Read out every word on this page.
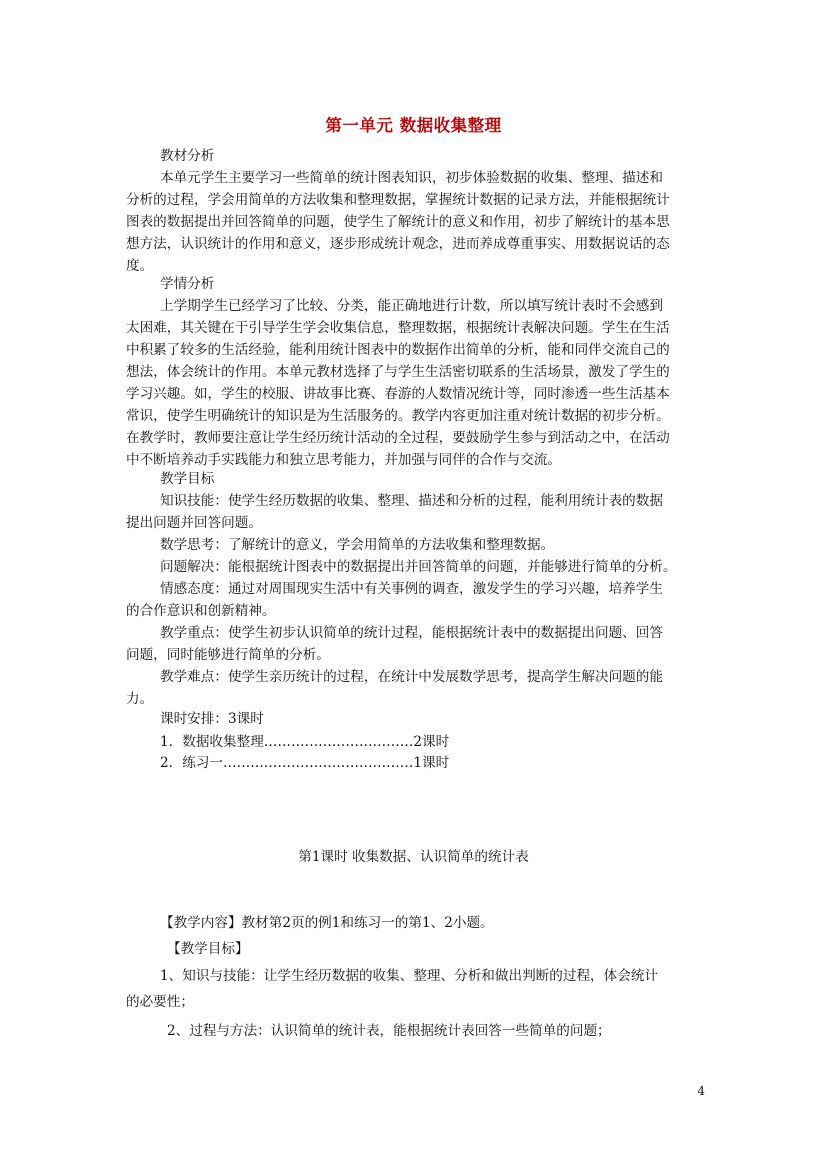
第一单元 数据收集整理
教材分析
本单元学生主要学习一些简单的统计图表知识，初步体验数据的收集、整理、描述和
分析的过程，学会用简单的方法收集和整理数据，掌握统计数据的记录方法，并能根据统计
图表的数据提出并回答简单的问题，使学生了解统计的意义和作用，初步了解统计的基本思
想方法，认识统计的作用和意义，逐步形成统计观念，进而养成尊重事实、用数据说话的态
度。
学情分析
上学期学生已经学习了比较、分类，能正确地进行计数，所以填写统计表时不会感到
太困难，其关键在于引导学生学会收集信息，整理数据，根据统计表解决问题。学生在生活
中积累了较多的生活经验，能利用统计图表中的数据作出简单的分析，能和同伴交流自己的
想法，体会统计的作用。本单元教材选择了与学生生活密切联系的生活场景，激发了学生的
学习兴趣。如，学生的校服、讲故事比赛、春游的人数情况统计等，同时渗透一些生活基本
常识，使学生明确统计的知识是为生活服务的。教学内容更加注重对统计数据的初步分析。
在教学时，教师要注意让学生经历统计活动的全过程，要鼓励学生参与到活动之中，在活动
中不断培养动手实践能力和独立思考能力，并加强与同伴的合作与交流。
教学目标
知识技能：使学生经历数据的收集、整理、描述和分析的过程，能利用统计表的数据
提出问题并回答问题。
数学思考：了解统计的意义，学会用简单的方法收集和整理数据。
问题解决：能根据统计图表中的数据提出并回答简单的问题，并能够进行简单的分析。
情感态度：通过对周围现实生活中有关事例的调查，激发学生的学习兴趣，培养学生
的合作意识和创新精神。
教学重点：使学生初步认识简单的统计过程，能根据统计表中的数据提出问题、回答
问题，同时能够进行简单的分析。
教学难点：使学生亲历统计的过程，在统计中发展数学思考，提高学生解决问题的能
力。
课时安排：3课时
1．数据收集整理……………………………2课时
2．练习一……………………………………1课时
第1课时 收集数据、认识简单的统计表
【教学内容】教材第2页的例1和练习一的第1、2小题。
【教学目标】
1、知识与技能：让学生经历数据的收集、整理、分析和做出判断的过程，体会统计
的必要性；
2、过程与方法：认识简单的统计表，能根据统计表回答一些简单的问题；
4
